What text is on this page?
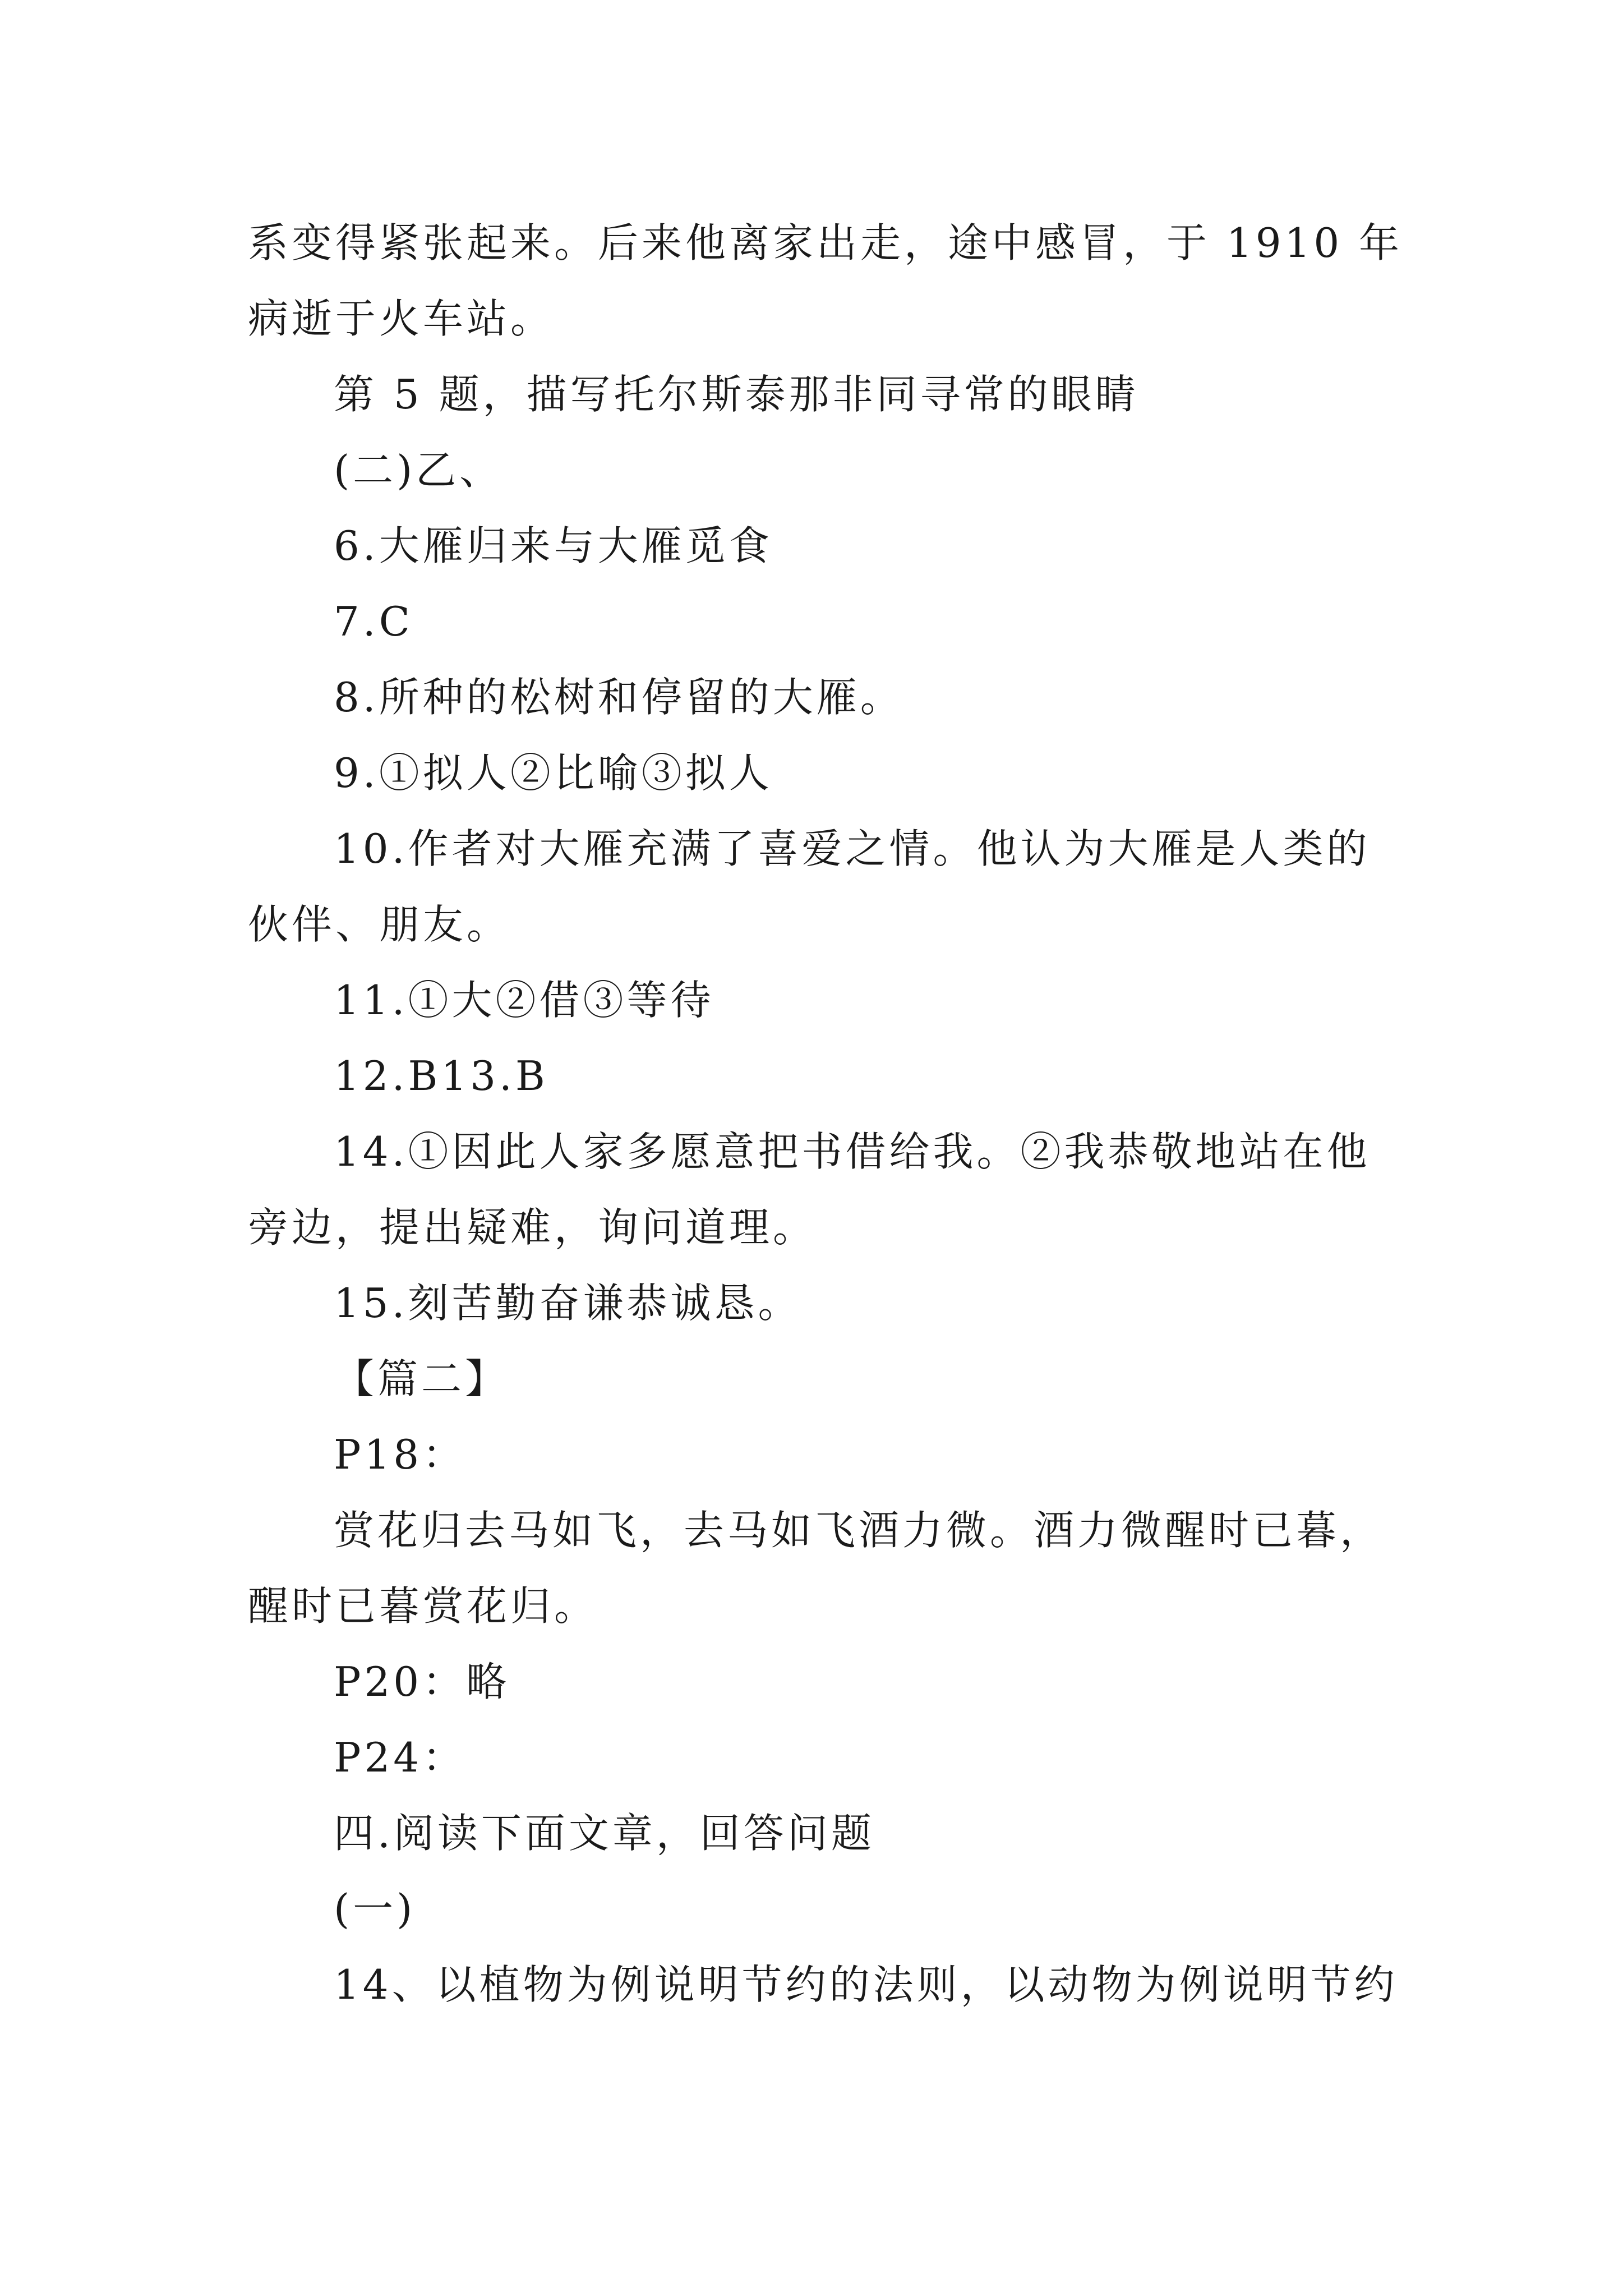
系变得紧张起来。后来他离家出走，途中感冒，于 1910 年
病逝于火车站。
第 5 题，描写托尔斯泰那非同寻常的眼睛
(二)乙、
6.大雁归来与大雁觅食
7.C
8.所种的松树和停留的大雁。
9.①拟人②比喻③拟人
10.作者对大雁充满了喜爱之情。他认为大雁是人类的
伙伴、朋友。
11.①大②借③等待
12.B13.B
14.①因此人家多愿意把书借给我。②我恭敬地站在他
旁边，提出疑难，询问道理。
15.刻苦勤奋谦恭诚恳。
【篇二】
P18：
赏花归去马如飞，去马如飞酒力微。酒力微醒时已暮，
醒时已暮赏花归。
P20：略
P24：
四.阅读下面文章，回答问题
(一)
14、以植物为例说明节约的法则，以动物为例说明节约
